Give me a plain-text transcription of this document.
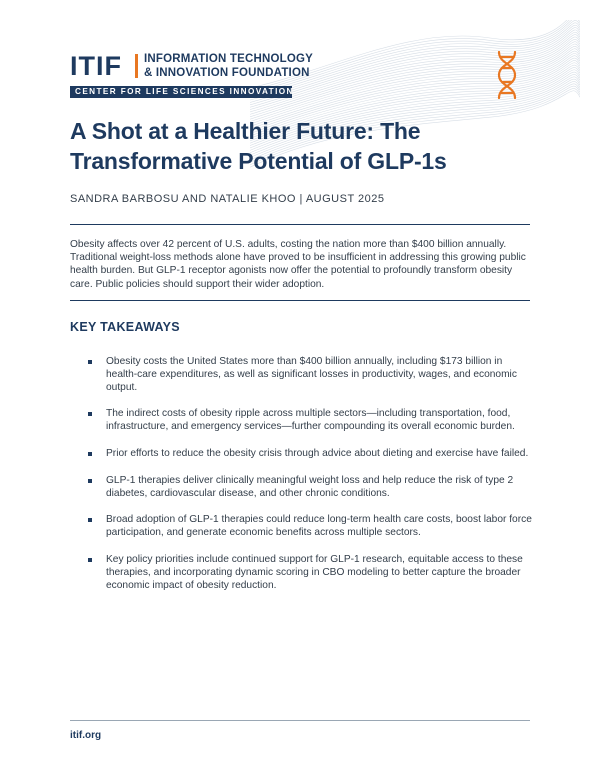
ITIF INFORMATION TECHNOLOGY
& INNOVATION FOUNDATION
CENTER FOR LIFE SCIENCES INNOVATION
A Shot at a Healthier Future: The
Transformative Potential of GLP-1s
SANDRA BARBOSU AND NATALIE KHOO | AUGUST 2025
Obesity affects over 42 percent of U.S. adults, costing the nation more than $400 billion annually. Traditional weight-loss methods alone have proved to be insufficient in addressing this growing public health burden. But GLP-1 receptor agonists now offer the potential to profoundly transform obesity care. Public policies should support their wider adoption.
KEY TAKEAWAYS
Obesity costs the United States more than $400 billion annually, including $173 billion in health-care expenditures, as well as significant losses in productivity, wages, and economic output.
The indirect costs of obesity ripple across multiple sectors—including transportation, food, infrastructure, and emergency services—further compounding its overall economic burden.
Prior efforts to reduce the obesity crisis through advice about dieting and exercise have failed.
GLP-1 therapies deliver clinically meaningful weight loss and help reduce the risk of type 2 diabetes, cardiovascular disease, and other chronic conditions.
Broad adoption of GLP-1 therapies could reduce long-term health care costs, boost labor force participation, and generate economic benefits across multiple sectors.
Key policy priorities include continued support for GLP-1 research, equitable access to these therapies, and incorporating dynamic scoring in CBO modeling to better capture the broader economic impact of obesity reduction.
itif.org
